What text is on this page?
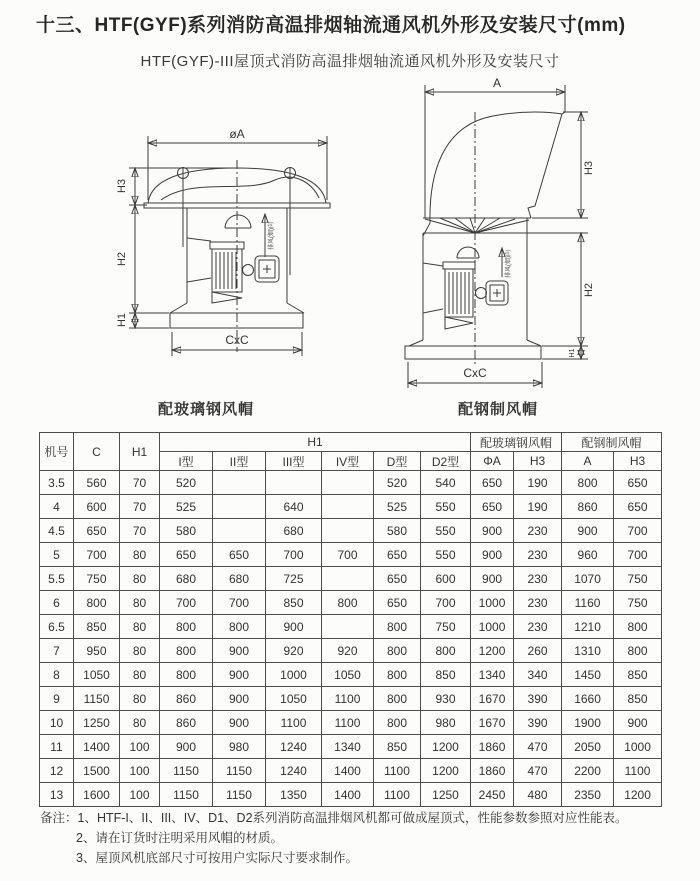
十三、HTF(GYF)系列消防高温排烟轴流通风机外形及安装尺寸(mm)
HTF(GYF)-III屋顶式消防高温排烟轴流通风机外形及安装尺寸
øA
排风(烟)向
H3
H2
H1
CxC
A
排风(烟)向
H3
H2
H1
CxC
配玻璃钢风帽	配钢制风帽
机号	C	H1	H1						配玻璃钢风帽		配钢制风帽	
			I型	II型	III型	IV型	D型	D2型	ΦA	H3	A	H3
3.5	560	70	520				520	540	650	190	800	650
4	600	70	525		640		525	550	650	190	860	650
4.5	650	70	580		680		580	550	900	230	900	700
5	700	80	650	650	700	700	650	550	900	230	960	700
5.5	750	80	680	680	725		650	600	900	230	1070	750
6	800	80	700	700	850	800	650	700	1000	230	1160	750
6.5	850	80	800	800	900		800	750	1000	230	1210	800
7	950	80	800	900	920	920	800	800	1200	260	1310	800
8	1050	80	800	900	1000	1050	800	850	1340	340	1450	850
9	1150	80	860	900	1050	1100	800	930	1670	390	1660	850
10	1250	80	860	900	1100	1100	800	980	1670	390	1900	900
11	1400	100	900	980	1240	1340	850	1200	1860	470	2050	1000
12	1500	100	1150	1150	1240	1400	1100	1200	1860	470	2200	1100
13	1600	100	1150	1150	1350	1400	1100	1250	2450	480	2350	1200
备注：1、HTF-I、II、III、IV、D1、D2系列消防高温排烟风机都可做成屋顶式，性能参数参照对应性能表。
2、请在订货时注明采用风帽的材质。
3、屋顶风机底部尺寸可按用户实际尺寸要求制作。
